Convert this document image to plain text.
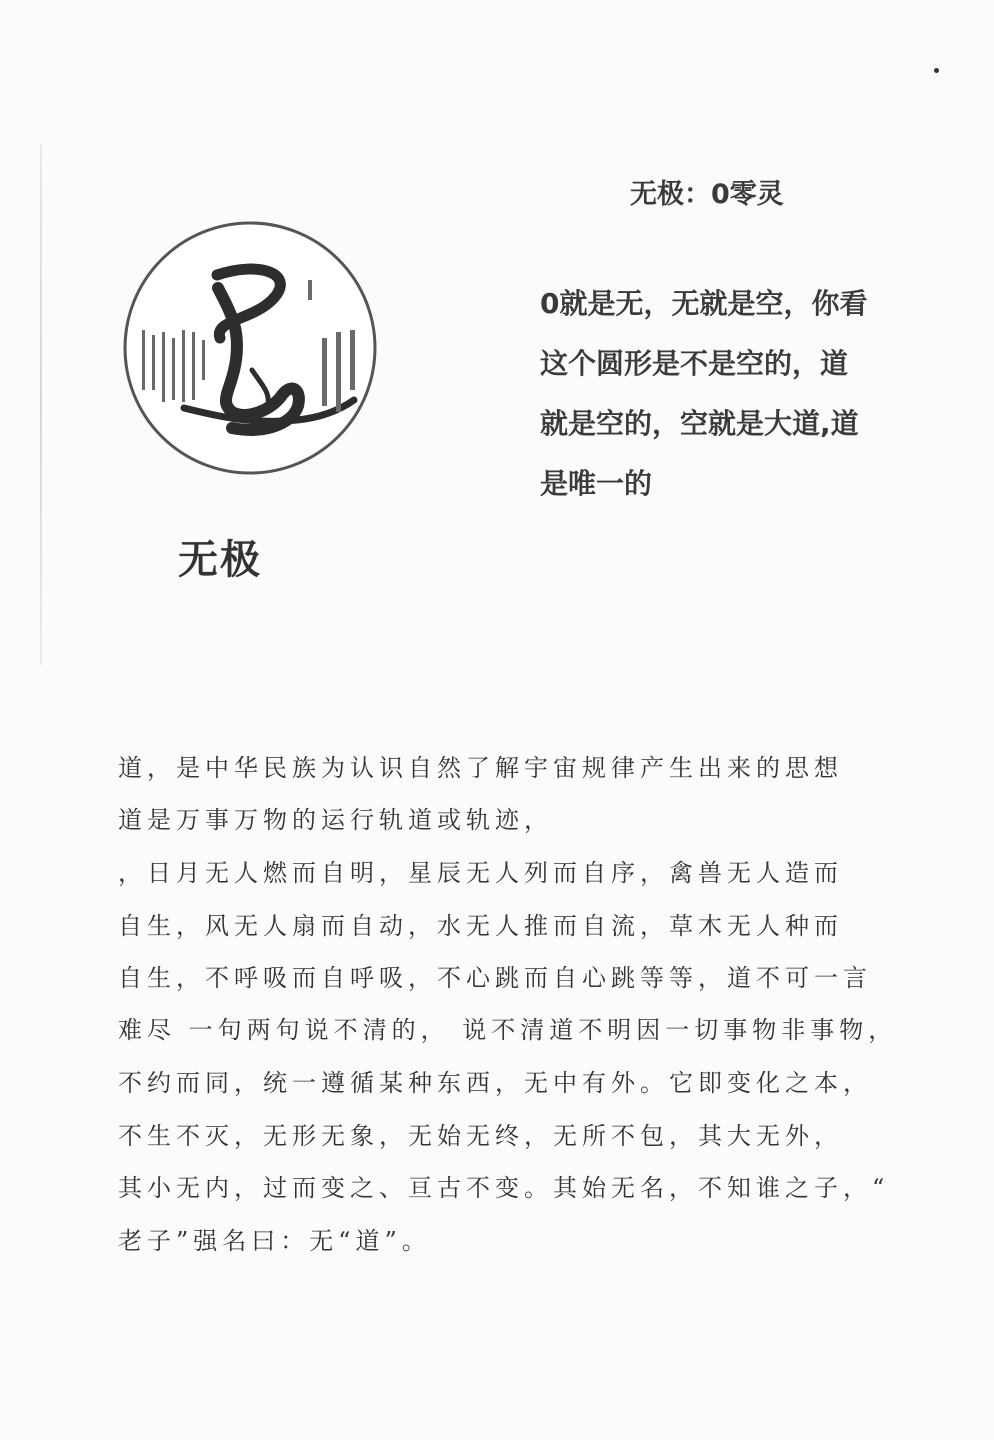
无极
无极：0零灵
0就是无，无就是空，你看
这个圆形是不是空的，道
就是空的，空就是大道,道
是唯一的
道，是中华民族为认识自然了解宇宙规律产生出来的思想
道是万事万物的运行轨道或轨迹，
，日月无人燃而自明，星辰无人列而自序，禽兽无人造而
自生，风无人扇而自动，水无人推而自流，草木无人种而
自生，不呼吸而自呼吸，不心跳而自心跳等等，道不可一言
难尽 一句两句说不清的， 说不清道不明因一切事物非事物，
不约而同，统一遵循某种东西，无中有外。它即变化之本，
不生不灭，无形无象，无始无终，无所不包，其大无外，
其小无内，过而变之、亘古不变。其始无名，不知谁之子，“
老子”强名曰：无“道”。
